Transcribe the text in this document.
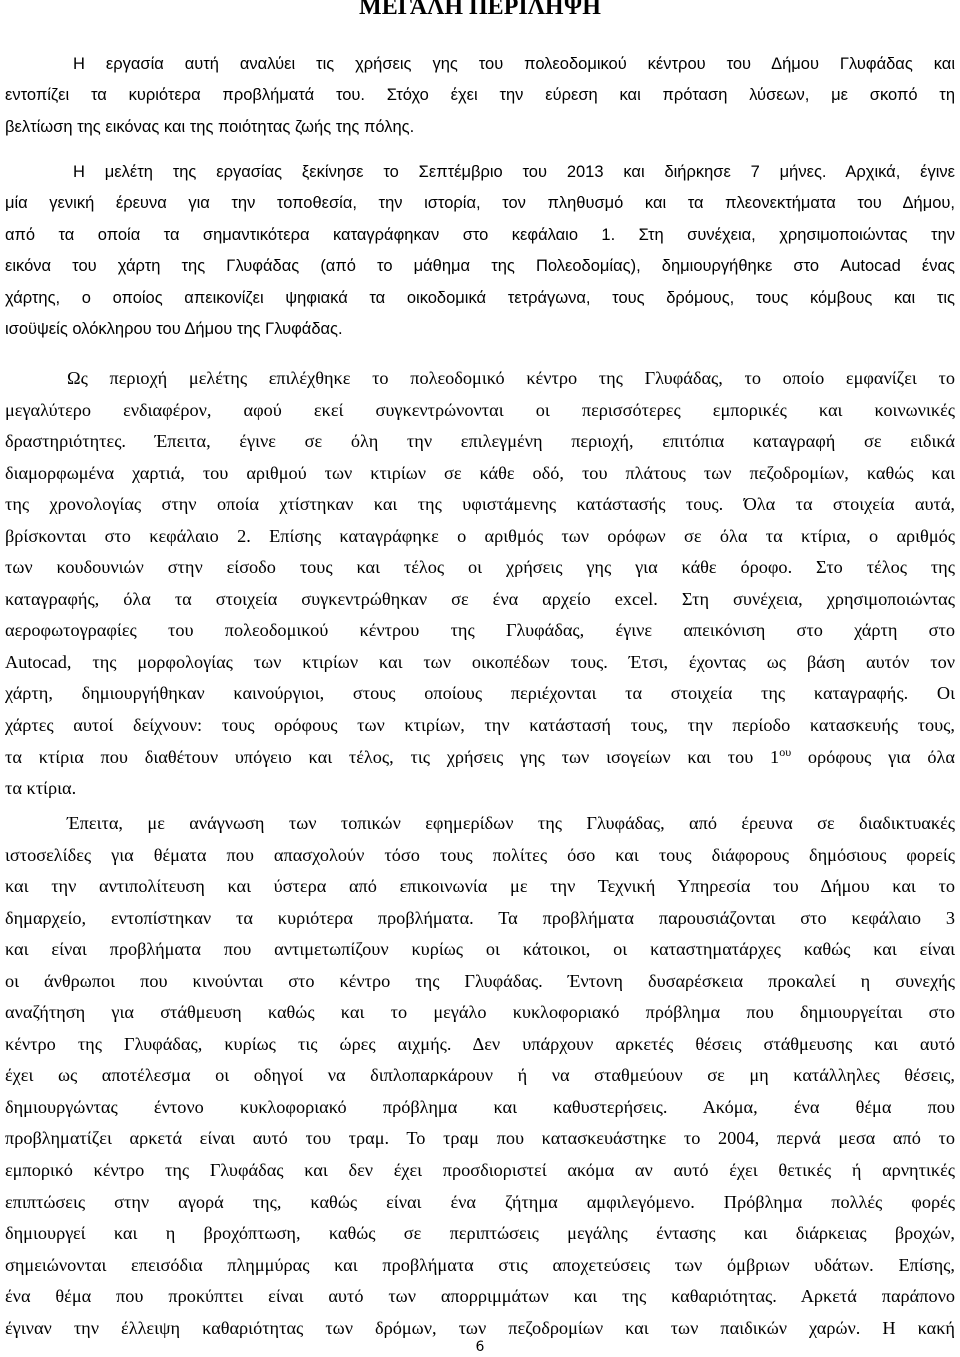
ΜΕΓΑΛΗ ΠΕΡΙΛΗΨΗ
Η εργασία αυτή αναλύει τις χρήσεις γης του πολεοδομικού κέντρου του Δήμου Γλυφάδας και
εντοπίζει τα κυριότερα προβλήματά του. Στόχο έχει την εύρεση και πρόταση λύσεων, με σκοπό τη
βελτίωση της εικόνας και της ποιότητας ζωής της πόλης.
Η μελέτη της εργασίας ξεκίνησε το Σεπτέμβριο του 2013 και διήρκησε 7 μήνες. Αρχικά, έγινε
μία γενική έρευνα για την τοποθεσία, την ιστορία, τον πληθυσμό και τα πλεονεκτήματα του Δήμου,
από τα οποία τα σημαντικότερα καταγράφηκαν στο κεφάλαιο 1. Στη συνέχεια, χρησιμοποιώντας την
εικόνα του χάρτη της Γλυφάδας (από το μάθημα της Πολεοδομίας), δημιουργήθηκε στο Autocad ένας
χάρτης, ο οποίος απεικονίζει ψηφιακά τα οικοδομικά τετράγωνα, τους δρόμους, τους κόμβους και τις
ισοϋψείς ολόκληρου του Δήμου της Γλυφάδας.
Ως περιοχή μελέτης επιλέχθηκε το πολεοδομικό κέντρο της Γλυφάδας, το οποίο εμφανίζει το
μεγαλύτερο ενδιαφέρον, αφού εκεί συγκεντρώνονται οι περισσότερες εμπορικές και κοινωνικές
δραστηριότητες. Έπειτα, έγινε σε όλη την επιλεγμένη περιοχή, επιτόπια καταγραφή σε ειδικά
διαμορφωμένα χαρτιά, του αριθμού των κτιρίων σε κάθε οδό, του πλάτους των πεζοδρομίων, καθώς και
της χρονολογίας στην οποία χτίστηκαν και της υφιστάμενης κατάστασής τους. Όλα τα στοιχεία αυτά,
βρίσκονται στο κεφάλαιο 2. Επίσης καταγράφηκε ο αριθμός των ορόφων σε όλα τα κτίρια, ο αριθμός
των κουδουνιών στην είσοδο τους και τέλος οι χρήσεις γης για κάθε όροφο. Στο τέλος της
καταγραφής, όλα τα στοιχεία συγκεντρώθηκαν σε ένα αρχείο excel. Στη συνέχεια, χρησιμοποιώντας
αεροφωτογραφίες του πολεοδομικού κέντρου της Γλυφάδας, έγινε απεικόνιση στο χάρτη στο
Autocad, της μορφολογίας των κτιρίων και των οικοπέδων τους. Έτσι, έχοντας ως βάση αυτόν τον
χάρτη, δημιουργήθηκαν καινούργιοι, στους οποίους περιέχονται τα στοιχεία της καταγραφής. Οι
χάρτες αυτοί δείχνουν: τους ορόφους των κτιρίων, την κατάστασή τους, την περίοδο κατασκευής τους,
τα κτίρια που διαθέτουν υπόγειο και τέλος, τις χρήσεις γης των ισογείων και του $1^{o\upsilon}$ ορόφους για όλα
τα κτίρια.
Έπειτα, με ανάγνωση των τοπικών εφημερίδων της Γλυφάδας, από έρευνα σε διαδικτυακές
ιστοσελίδες για θέματα που απασχολούν τόσο τους πολίτες όσο και τους διάφορους δημόσιους φορείς
και την αντιπολίτευση και ύστερα από επικοινωνία με την Τεχνική Υπηρεσία του Δήμου και το
δημαρχείο, εντοπίστηκαν τα κυριότερα προβλήματα. Τα προβλήματα παρουσιάζονται στο κεφάλαιο 3
και είναι προβλήματα που αντιμετωπίζουν κυρίως οι κάτοικοι, οι καταστηματάρχες καθώς και είναι
οι άνθρωποι που κινούνται στο κέντρο της Γλυφάδας. Έντονη δυσαρέσκεια προκαλεί η συνεχής
αναζήτηση για στάθμευση καθώς και το μεγάλο κυκλοφοριακό πρόβλημα που δημιουργείται στο
κέντρο της Γλυφάδας, κυρίως τις ώρες αιχμής. Δεν υπάρχουν αρκετές θέσεις στάθμευσης και αυτό
έχει ως αποτέλεσμα οι οδηγοί να διπλοπαρκάρουν ή να σταθμεύουν σε μη κατάλληλες θέσεις,
δημιουργώντας έντονο κυκλοφοριακό πρόβλημα και καθυστερήσεις. Ακόμα, ένα θέμα που
προβληματίζει αρκετά είναι αυτό του τραμ. Το τραμ που κατασκευάστηκε το 2004, περνά μεσα από το
εμπορικό κέντρο της Γλυφάδας και δεν έχει προσδιοριστεί ακόμα αν αυτό έχει θετικές ή αρνητικές
επιπτώσεις στην αγορά της, καθώς είναι ένα ζήτημα αμφιλεγόμενο. Πρόβλημα πολλές φορές
δημιουργεί και η βροχόπτωση, καθώς σε περιπτώσεις μεγάλης έντασης και διάρκειας βροχών,
σημειώνονται επεισόδια πλημμύρας και προβλήματα στις αποχετεύσεις των όμβριων υδάτων. Επίσης,
ένα θέμα που προκύπτει είναι αυτό των απορριμμάτων και της καθαριότητας. Αρκετά παράπονο
έγιναν την έλλειψη καθαριότητας των δρόμων, των πεζοδρομίων και των παιδικών χαρών. Η κακή
6
